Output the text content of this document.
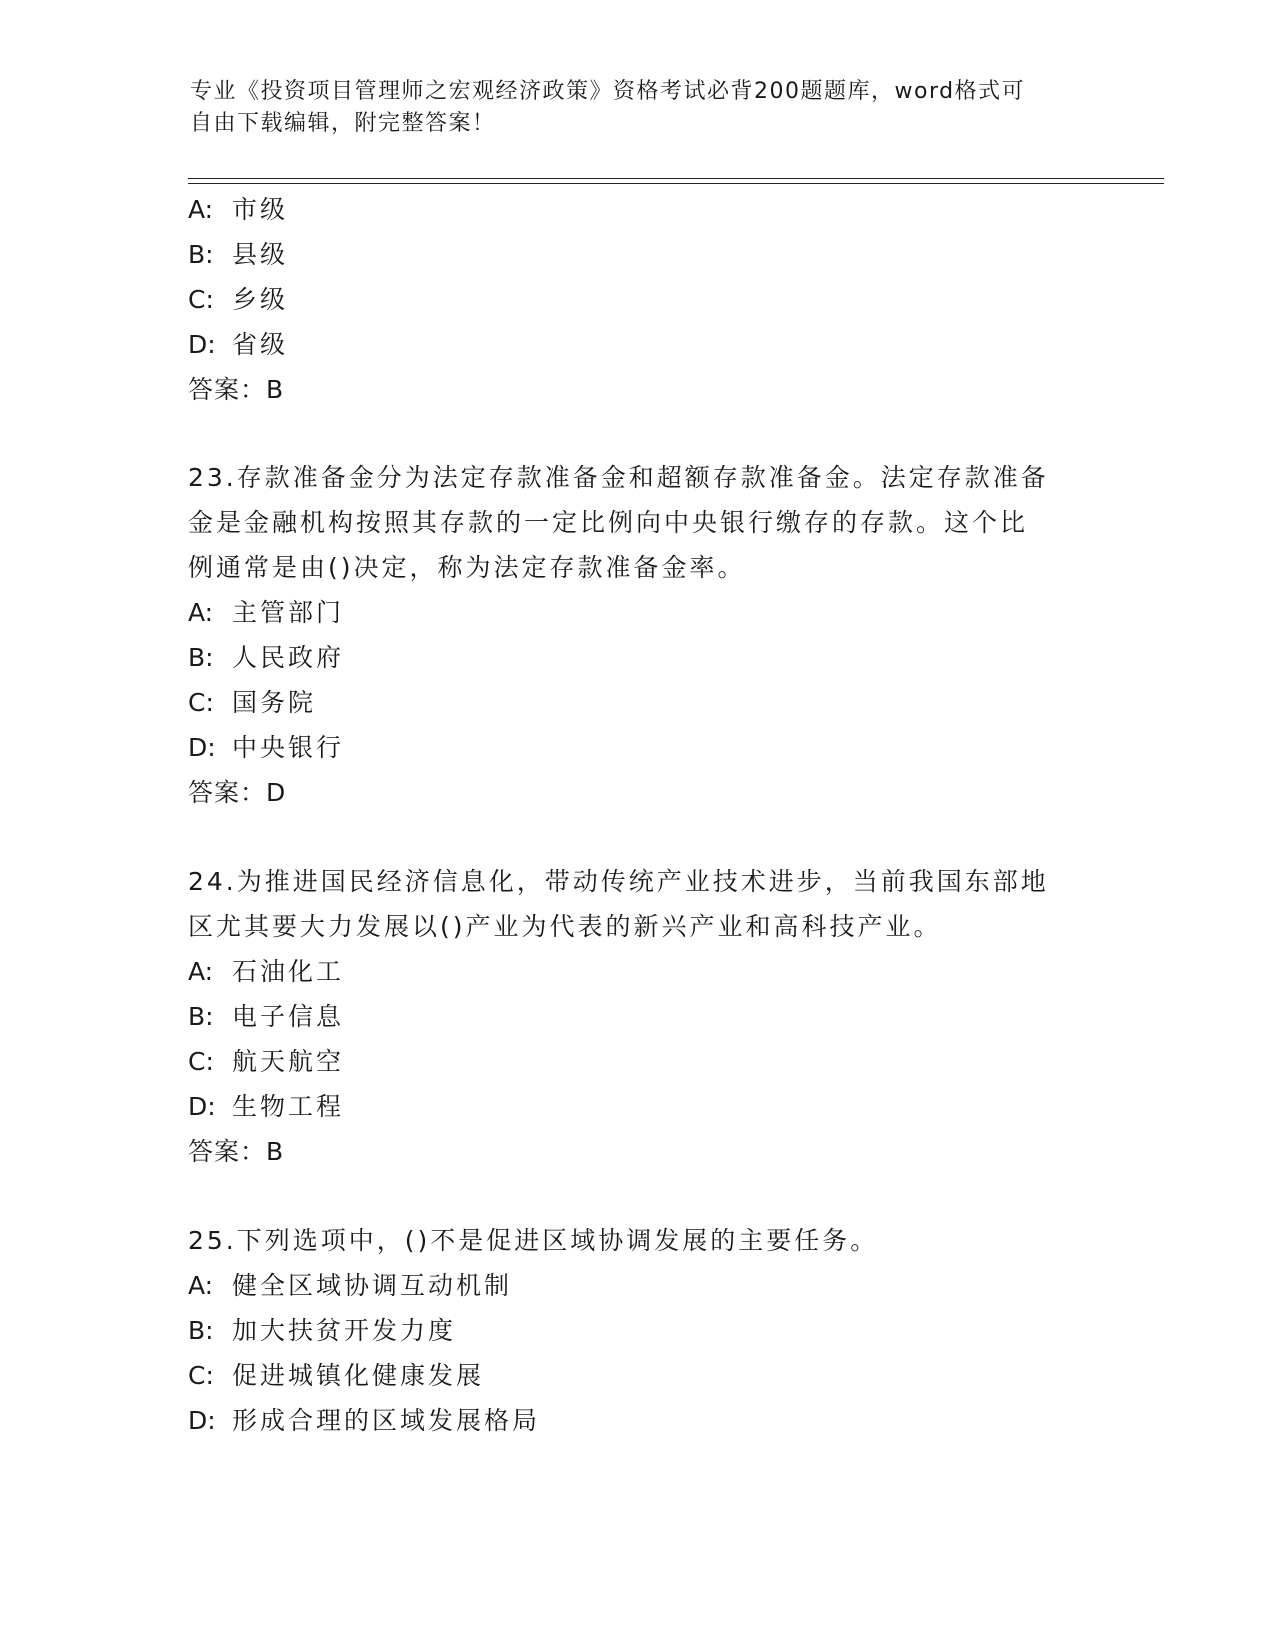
专业《投资项目管理师之宏观经济政策》资格考试必背200题题库，word格式可
自由下载编辑，附完整答案！
A: 市级
B: 县级
C: 乡级
D: 省级
答案：B
23.存款准备金分为法定存款准备金和超额存款准备金。法定存款准备
金是金融机构按照其存款的一定比例向中央银行缴存的存款。这个比
例通常是由()决定，称为法定存款准备金率。
A: 主管部门
B: 人民政府
C: 国务院
D: 中央银行
答案：D
24.为推进国民经济信息化，带动传统产业技术进步，当前我国东部地
区尤其要大力发展以()产业为代表的新兴产业和高科技产业。
A: 石油化工
B: 电子信息
C: 航天航空
D: 生物工程
答案：B
25.下列选项中，()不是促进区域协调发展的主要任务。
A: 健全区域协调互动机制
B: 加大扶贫开发力度
C: 促进城镇化健康发展
D: 形成合理的区域发展格局
